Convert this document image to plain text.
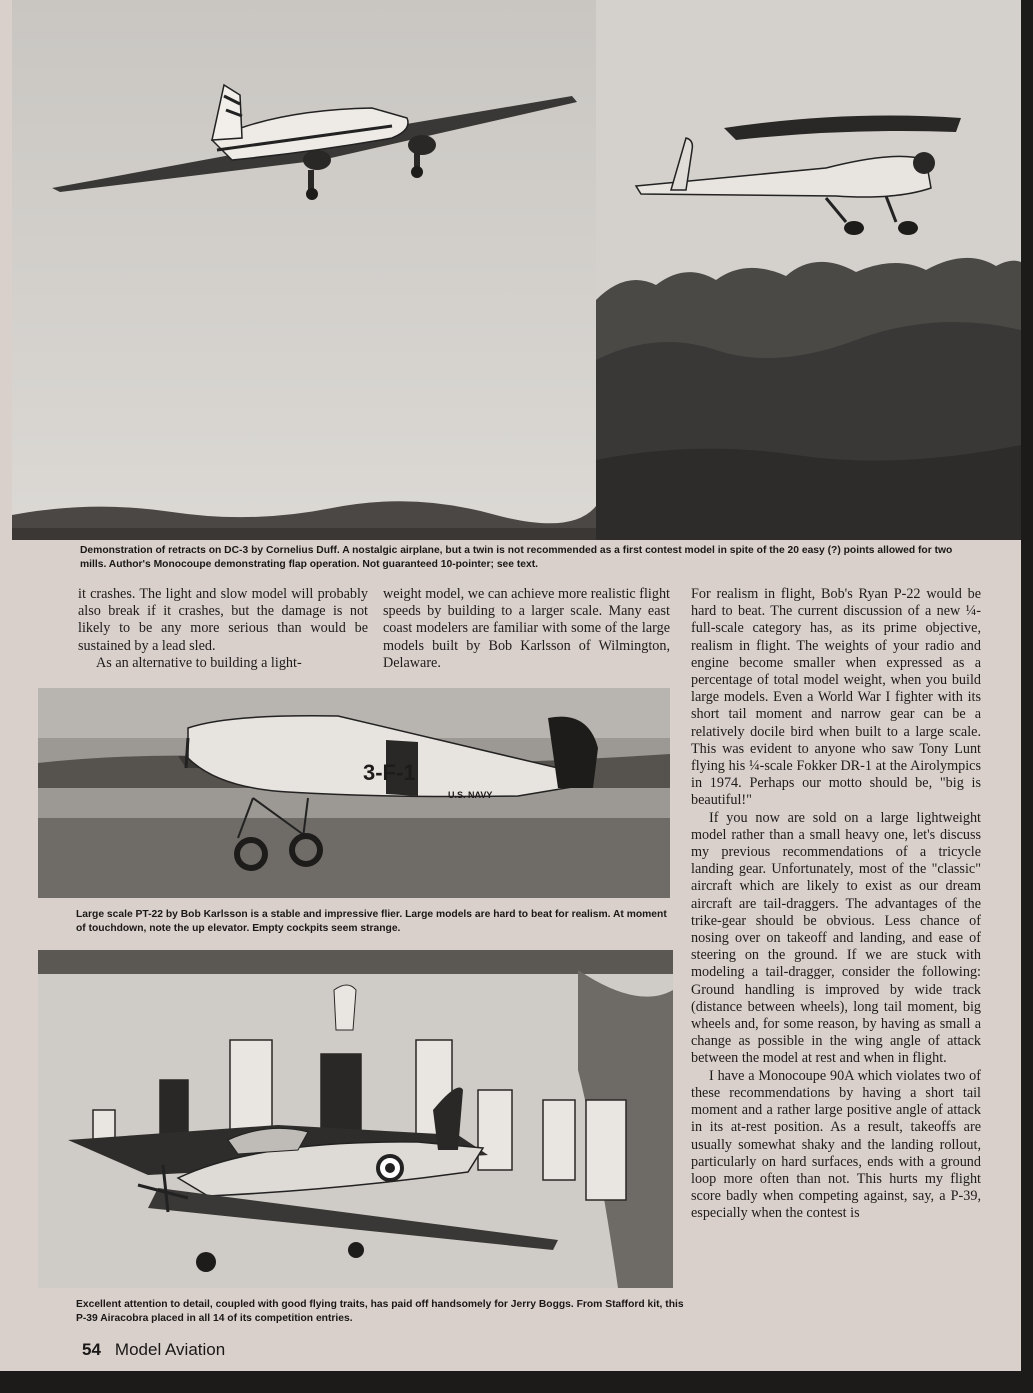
Demonstration of retracts on DC-3 by Cornelius Duff. A nostalgic airplane, but a twin is not recommended as a first contest model in spite of the 20 easy (?) points allowed for two mills. Author's Monocoupe demonstrating flap operation. Not guaranteed 10-pointer; see text.

it crashes. The light and slow model will probably also break if it crashes, but the damage is not likely to be any more serious than would be sustained by a lead sled.

As an alternative to building a light-

weight model, we can achieve more realistic flight speeds by building to a larger scale. Many east coast modelers are familiar with some of the large models built by Bob Karlsson of Wilmington, Delaware.

3-F-1
U.S. NAVY
Large scale PT-22 by Bob Karlsson is a stable and impressive flier. Large models are hard to beat for realism. At moment of touchdown, note the up elevator. Empty cockpits seem strange.
Excellent attention to detail, coupled with good flying traits, has paid off handsomely for Jerry Boggs. From Stafford kit, this P-39 Airacobra placed in all 14 of its competition entries.

For realism in flight, Bob's Ryan P-22 would be hard to beat. The current discussion of a new ¼-full-scale category has, as its prime objective, realism in flight. The weights of your radio and engine become smaller when expressed as a percentage of total model weight, when you build large models. Even a World War I fighter with its short tail moment and narrow gear can be a relatively docile bird when built to a large scale. This was evident to anyone who saw Tony Lunt flying his ¼-scale Fokker DR-1 at the Airolympics in 1974. Perhaps our motto should be, "big is beautiful!"

If you now are sold on a large lightweight model rather than a small heavy one, let's discuss my previous recommendations of a tricycle landing gear. Unfortunately, most of the "classic" aircraft which are likely to exist as our dream aircraft are tail-draggers. The advantages of the trike-gear should be obvious. Less chance of nosing over on takeoff and landing, and ease of steering on the ground. If we are stuck with modeling a tail-dragger, consider the following: Ground handling is improved by wide track (distance between wheels), long tail moment, big wheels and, for some reason, by having as small a change as possible in the wing angle of attack between the model at rest and when in flight.

I have a Monocoupe 90A which violates two of these recommendations by having a short tail moment and a rather large positive angle of attack in its at-rest position. As a result, takeoffs are usually somewhat shaky and the landing rollout, particularly on hard surfaces, ends with a ground loop more often than not. This hurts my flight score badly when competing against, say, a P-39, especially when the contest is

54 Model Aviation
